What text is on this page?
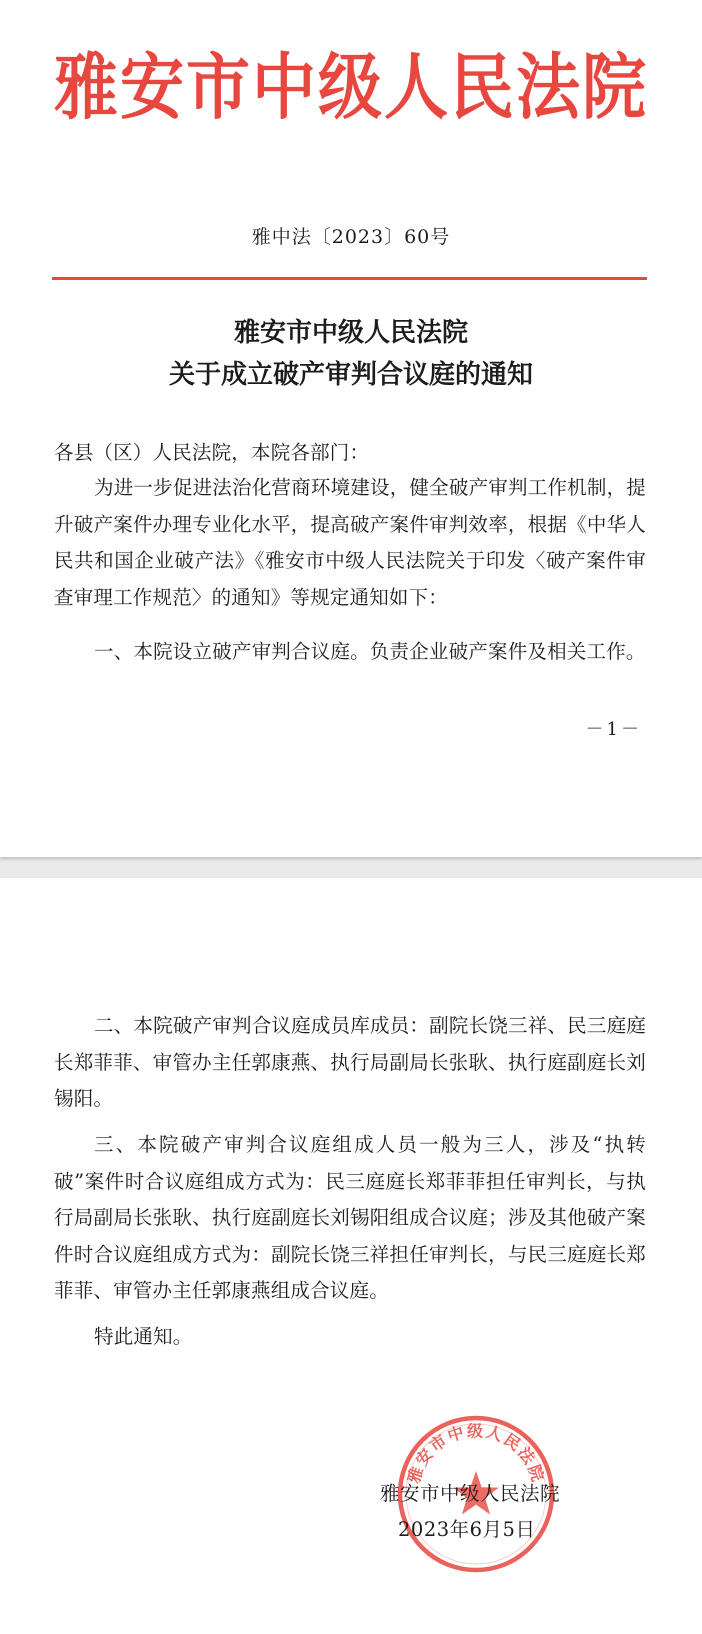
雅安市中级人民法院
雅中法〔2023〕60号
雅安市中级人民法院
关于成立破产审判合议庭的通知
各县（区）人民法院，本院各部门：
为进一步促进法治化营商环境建设，健全破产审判工作机制，提升破产案件办理专业化水平，提高破产案件审判效率，根据《中华人民共和国企业破产法》《雅安市中级人民法院关于印发〈破产案件审查审理工作规范〉的通知》等规定通知如下：
一、本院设立破产审判合议庭。负责企业破产案件及相关工作。
－1－
二、本院破产审判合议庭成员库成员：副院长饶三祥、民三庭庭长郑菲菲、审管办主任郭康燕、执行局副局长张耿、执行庭副庭长刘锡阳。
三、本院破产审判合议庭组成人员一般为三人，涉及“执转破”案件时合议庭组成方式为：民三庭庭长郑菲菲担任审判长，与执行局副局长张耿、执行庭副庭长刘锡阳组成合议庭；涉及其他破产案件时合议庭组成方式为：副院长饶三祥担任审判长，与民三庭庭长郑菲菲、审管办主任郭康燕组成合议庭。
特此通知。
雅安市中级人民法院
雅安市中级人民法院
2023年6月5日
